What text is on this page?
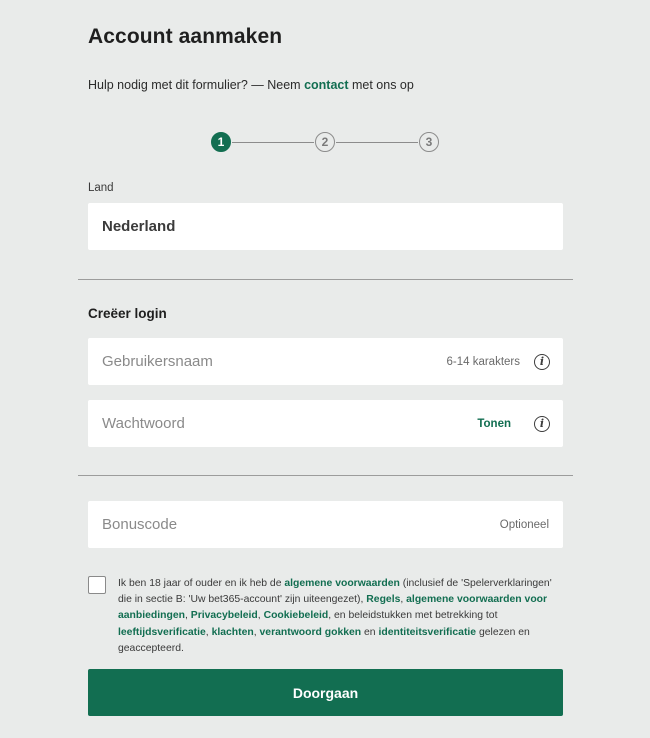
Account aanmaken
Hulp nodig met dit formulier? — Neem contact met ons op
1	2	3
Land
Nederland
Creëer login
Gebruikersnaam	6-14 karakters	i
Wachtwoord	Tonen	i
Bonuscode	Optioneel
Ik ben 18 jaar of ouder en ik heb de algemene voorwaarden (inclusief de 'Spelerverklaringen' die in sectie B: 'Uw bet365-account' zijn uiteengezet), Regels, algemene voorwaarden voor aanbiedingen, Privacybeleid, Cookiebeleid, en beleidstukken met betrekking tot leeftijdsverificatie, klachten, verantwoord gokken en identiteitsverificatie gelezen en geaccepteerd.
Doorgaan
